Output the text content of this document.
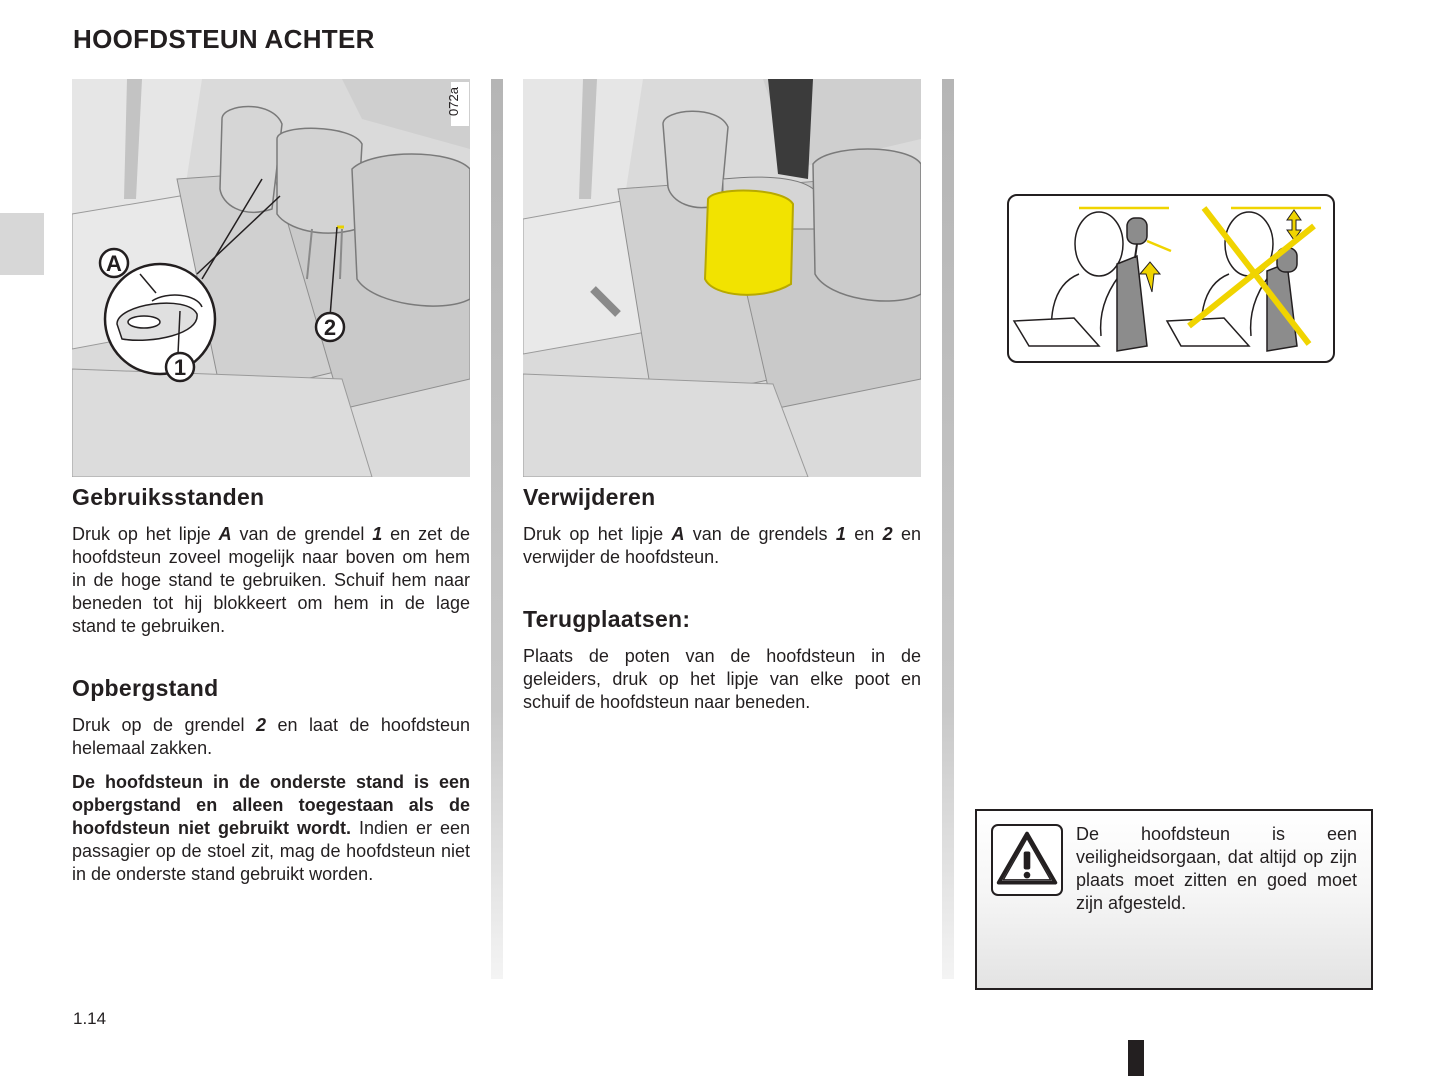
HOOFDSTEUN ACHTER
A
1
2
072a
Gebruiksstanden

Druk op het lipje A van de grendel 1 en zet de hoofdsteun zoveel mogelijk naar boven om hem in de hoge stand te gebruiken. Schuif hem naar beneden tot hij blokkeert om hem in de lage stand te gebruiken.

Opbergstand

Druk op de grendel 2 en laat de hoofdsteun helemaal zakken.

De hoofdsteun in de onderste stand is een opbergstand en alleen toegestaan als de hoofdsteun niet gebruikt wordt. Indien er een passagier op de stoel zit, mag de hoofdsteun niet in de onderste stand gebruikt worden.

Verwijderen

Druk op het lipje A van de grendels 1 en 2 en verwijder de hoofdsteun.

Terugplaatsen:

Plaats de poten van de hoofdsteun in de geleiders, druk op het lipje van elke poot en schuif de hoofdsteun naar beneden.

De hoofdsteun is een veiligheidsorgaan, dat altijd op zijn plaats moet zitten en goed moet zijn afgesteld.

1.14
